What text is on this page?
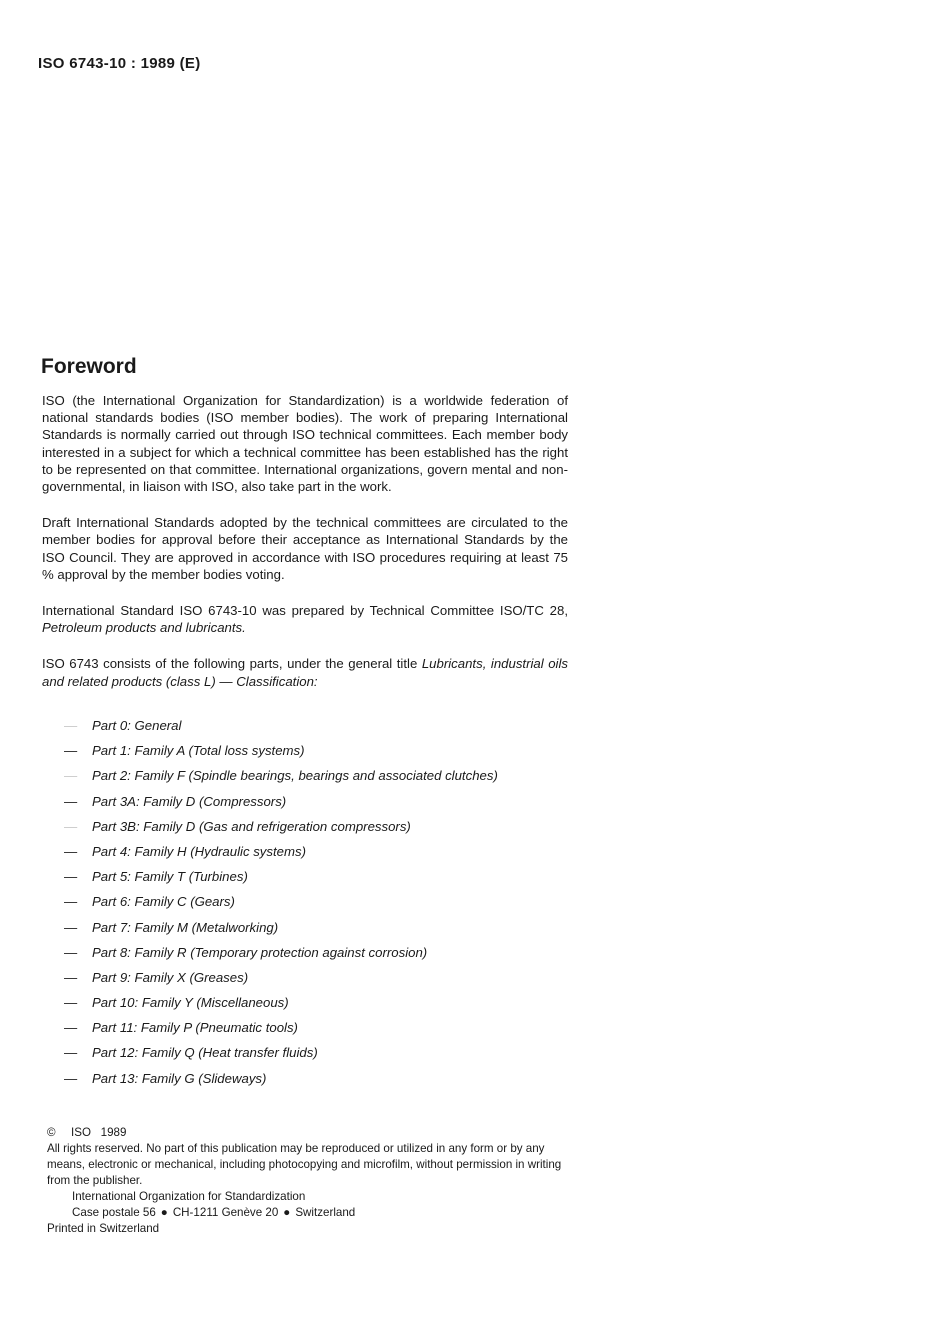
ISO 6743-10 : 1989 (E)
Foreword

ISO (the International Organization for Standardization) is a worldwide federation of national standards bodies (ISO member bodies). The work of preparing International Standards is normally carried out through ISO technical committees. Each member body interested in a subject for which a technical committee has been established has the right to be represented on that committee. International organizations, govern mental and non-governmental, in liaison with ISO, also take part in the work.

Draft International Standards adopted by the technical committees are circulated to the member bodies for approval before their acceptance as International Standards by the ISO Council. They are approved in accordance with ISO procedures requiring at least 75 % approval by the member bodies voting.

International Standard ISO 6743-10 was prepared by Technical Committee ISO/TC 28, Petroleum products and lubricants.

ISO 6743 consists of the following parts, under the general title Lubricants, industrial oils and related products (class L) — Classification:

— Part 0: General
— Part 1: Family A (Total loss systems)
— Part 2: Family F (Spindle bearings, bearings and associated clutches)
— Part 3A: Family D (Compressors)
— Part 3B: Family D (Gas and refrigeration compressors)
— Part 4: Family H (Hydraulic systems)
— Part 5: Family T (Turbines)
— Part 6: Family C (Gears)
— Part 7: Family M (Metalworking)
— Part 8: Family R (Temporary protection against corrosion)
— Part 9: Family X (Greases)
— Part 10: Family Y (Miscellaneous)
— Part 11: Family P (Pneumatic tools)
— Part 12: Family Q (Heat transfer fluids)
— Part 13: Family G (Slideways)

© ISO 1989

All rights reserved. No part of this publication may be reproduced or utilized in any form or by any means, electronic or mechanical, including photocopying and microfilm, without permission in writing from the publisher.

International Organization for Standardization

Case postale 56 ● CH-1211 Genève 20 ● Switzerland

Printed in Switzerland
